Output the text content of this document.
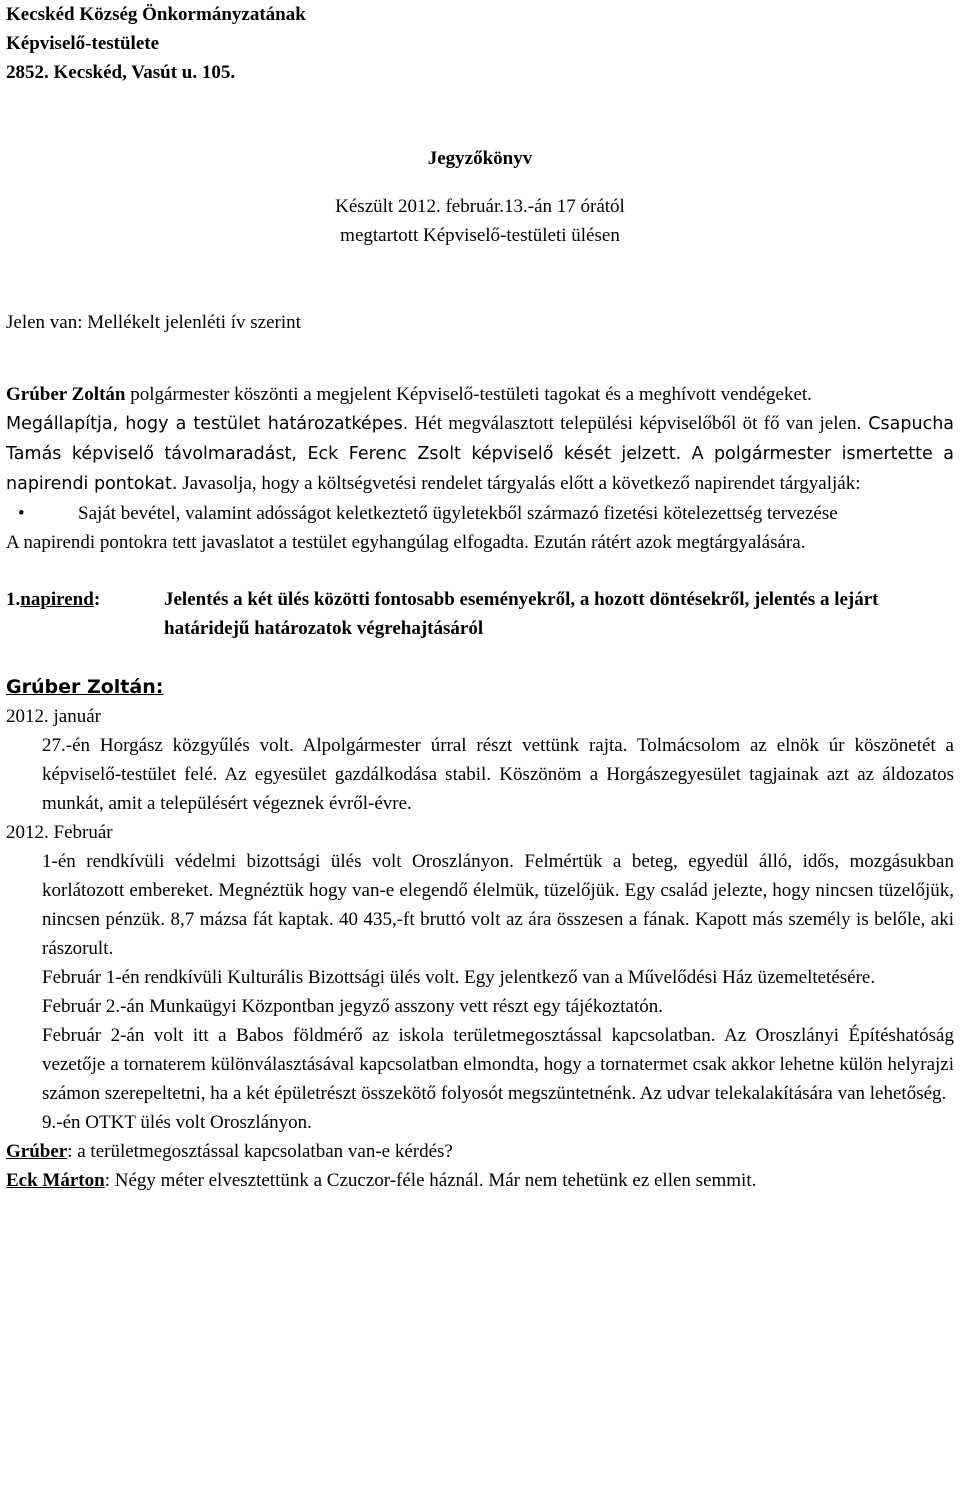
Kecskéd Község Önkormányzatának
Képviselő-testülete
2852. Kecskéd, Vasút u. 105.
Jegyzőkönyv
Készült 2012. február.13.-án 17 órától
megtartott Képviselő-testületi ülésen
Jelen van: Mellékelt jelenléti ív szerint
Grúber Zoltán polgármester köszönti a megjelent Képviselő-testületi tagokat és a meghívott vendégeket.
Megállapítja, hogy a testület határozatképes. Hét megválasztott települési képviselőből öt fő van jelen. Csapucha Tamás képviselő távolmaradást, Eck Ferenc Zsolt képviselő kését jelzett. A polgármester ismertette a napirendi pontokat. Javasolja, hogy a költségvetési rendelet tárgyalás előtt a következő napirendet tárgyalják:
•	Saját bevétel, valamint adósságot keletkeztető ügyletekből származó fizetési kötelezettség tervezése
A napirendi pontokra tett javaslatot a testület egyhangúlag elfogadta. Ezután rátért azok megtárgyalására.
1.napirend:	Jelentés a két ülés közötti fontosabb eseményekről, a hozott döntésekről, jelentés a lejárt határidejű határozatok végrehajtásáról
Grúber Zoltán:
2012. január
27.-én Horgász közgyűlés volt. Alpolgármester úrral részt vettünk rajta. Tolmácsolom az elnök úr köszönetét a képviselő-testület felé. Az egyesület gazdálkodása stabil. Köszönöm a Horgászegyesület tagjainak azt az áldozatos munkát, amit a településért végeznek évről-évre.
2012. Február
1-én rendkívüli védelmi bizottsági ülés volt Oroszlányon. Felmértük a beteg, egyedül álló, idős, mozgásukban korlátozott embereket. Megnéztük hogy van-e elegendő élelmük, tüzelőjük. Egy család jelezte, hogy nincsen tüzelőjük, nincsen pénzük. 8,7 mázsa fát kaptak. 40 435,-ft bruttó volt az ára összesen a fának. Kapott más személy is belőle, aki rászorult.
Február 1-én rendkívüli Kulturális Bizottsági ülés volt. Egy jelentkező van a Művelődési Ház üzemeltetésére.
Február 2.-án Munkaügyi Központban jegyző asszony vett részt egy tájékoztatón.
Február 2-án volt itt a Babos földmérő az iskola területmegosztással kapcsolatban. Az Oroszlányi Építéshatóság vezetője a tornaterem különválasztásával kapcsolatban elmondta, hogy a tornatermet csak akkor lehetne külön helyrajzi számon szerepeltetni, ha a két épületrészt összekötő folyosót megszüntetnénk. Az udvar telekalakítására van lehetőség.
9.-én OTKT ülés volt Oroszlányon.
Grúber: a területmegosztással kapcsolatban van-e kérdés?
Eck Márton: Négy méter elvesztettünk a Czuczor-féle háznál. Már nem tehetünk ez ellen semmit.
